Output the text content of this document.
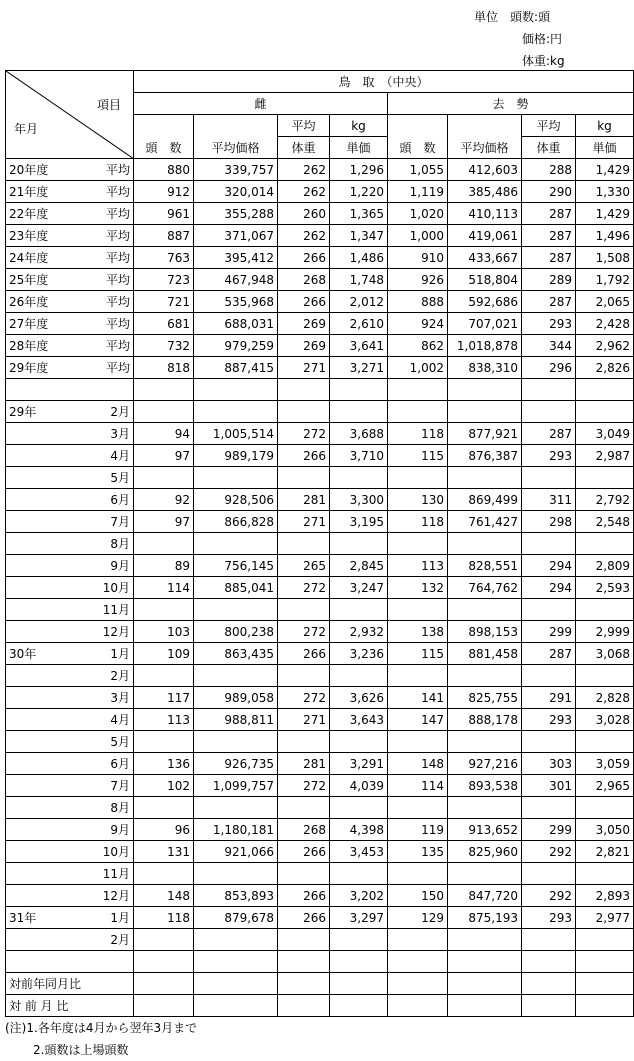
単位　 頭数:頭
価格:円
体重:kg
項目
年月	鳥　取　（中央）							
	雌				去　勢			
	頭　数	平均価格	平均	kg	頭　数	平均価格	平均	kg
			体重	単価			体重	単価
20年度 平均	880	339,757	262	1,296	1,055	412,603	288	1,429
21年度 平均	912	320,014	262	1,220	1,119	385,486	290	1,330
22年度 平均	961	355,288	260	1,365	1,020	410,113	287	1,429
23年度 平均	887	371,067	262	1,347	1,000	419,061	287	1,496
24年度 平均	763	395,412	266	1,486	910	433,667	287	1,508
25年度 平均	723	467,948	268	1,748	926	518,804	289	1,792
26年度 平均	721	535,968	266	2,012	888	592,686	287	2,065
27年度 平均	681	688,031	269	2,610	924	707,021	293	2,428
28年度 平均	732	979,259	269	3,641	862	1,018,878	344	2,962
29年度 平均	818	887,415	271	3,271	1,002	838,310	296	2,826

29年 2月								

3月	94	1,005,514	272	3,688	118	877,921	287	3,049

4月	97	989,179	266	3,710	115	876,387	293	2,987

5月								

6月	92	928,506	281	3,300	130	869,499	311	2,792

7月	97	866,828	271	3,195	118	761,427	298	2,548

8月								

9月	89	756,145	265	2,845	113	828,551	294	2,809

10月	114	885,041	272	3,247	132	764,762	294	2,593

11月								

12月	103	800,238	272	2,932	138	898,153	299	2,999
30年 1月	109	863,435	266	3,236	115	881,458	287	3,068

2月								

3月	117	989,058	272	3,626	141	825,755	291	2,828

4月	113	988,811	271	3,643	147	888,178	293	3,028

5月								

6月	136	926,735	281	3,291	148	927,216	303	3,059

7月	102	1,099,757	272	4,039	114	893,538	301	2,965

8月								

9月	96	1,180,181	268	4,398	119	913,652	299	3,050

10月	131	921,066	266	3,453	135	825,960	292	2,821

11月								

12月	148	853,893	266	3,202	150	847,720	292	2,893
31年 1月	118	879,678	266	3,297	129	875,193	293	2,977

2月								

対前年同月比

対 前 月 比

(注)1.各年度は4月から翌年3月まで
2.頭数は上場頭数
